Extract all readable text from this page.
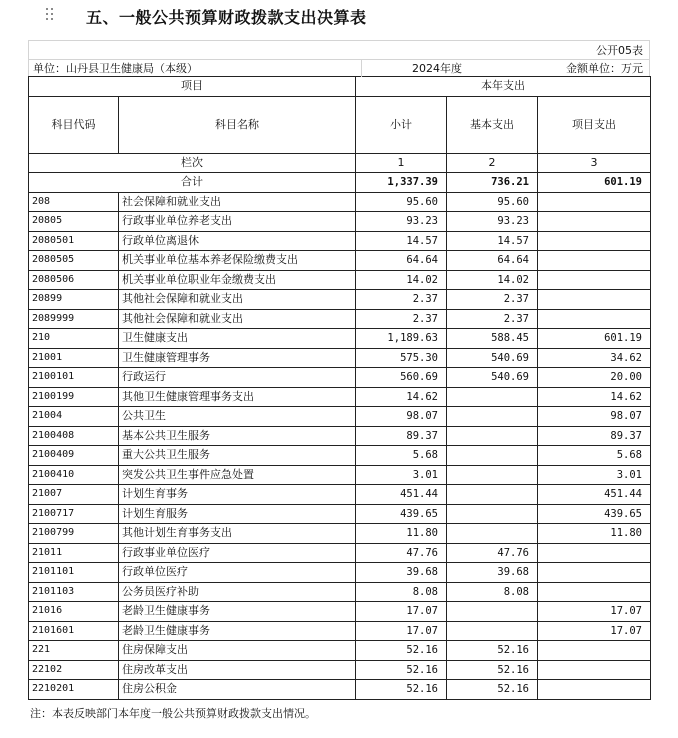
五、一般公共预算财政拨款支出决算表
公开05表
单位：山丹县卫生健康局（本级）	2024年度	金额单位：万元
项目		本年支出		
科目代码	科目名称	小计	基本支出	项目支出
栏次		1	2	3
合计		1,337.39	736.21	601.19
208	社会保障和就业支出	95.60	95.60	
20805	行政事业单位养老支出	93.23	93.23	
2080501	行政单位离退休	14.57	14.57	
2080505	机关事业单位基本养老保险缴费支出	64.64	64.64	
2080506	机关事业单位职业年金缴费支出	14.02	14.02	
20899	其他社会保障和就业支出	2.37	2.37	
2089999	其他社会保障和就业支出	2.37	2.37	
210	卫生健康支出	1,189.63	588.45	601.19
21001	卫生健康管理事务	575.30	540.69	34.62
2100101	行政运行	560.69	540.69	20.00
2100199	其他卫生健康管理事务支出	14.62		14.62
21004	公共卫生	98.07		98.07
2100408	基本公共卫生服务	89.37		89.37
2100409	重大公共卫生服务	5.68		5.68
2100410	突发公共卫生事件应急处置	3.01		3.01
21007	计划生育事务	451.44		451.44
2100717	计划生育服务	439.65		439.65
2100799	其他计划生育事务支出	11.80		11.80
21011	行政事业单位医疗	47.76	47.76	
2101101	行政单位医疗	39.68	39.68	
2101103	公务员医疗补助	8.08	8.08	
21016	老龄卫生健康事务	17.07		17.07
2101601	老龄卫生健康事务	17.07		17.07
221	住房保障支出	52.16	52.16	
22102	住房改革支出	52.16	52.16	
2210201	住房公积金	52.16	52.16	
注：本表反映部门本年度一般公共预算财政拨款支出情况。
